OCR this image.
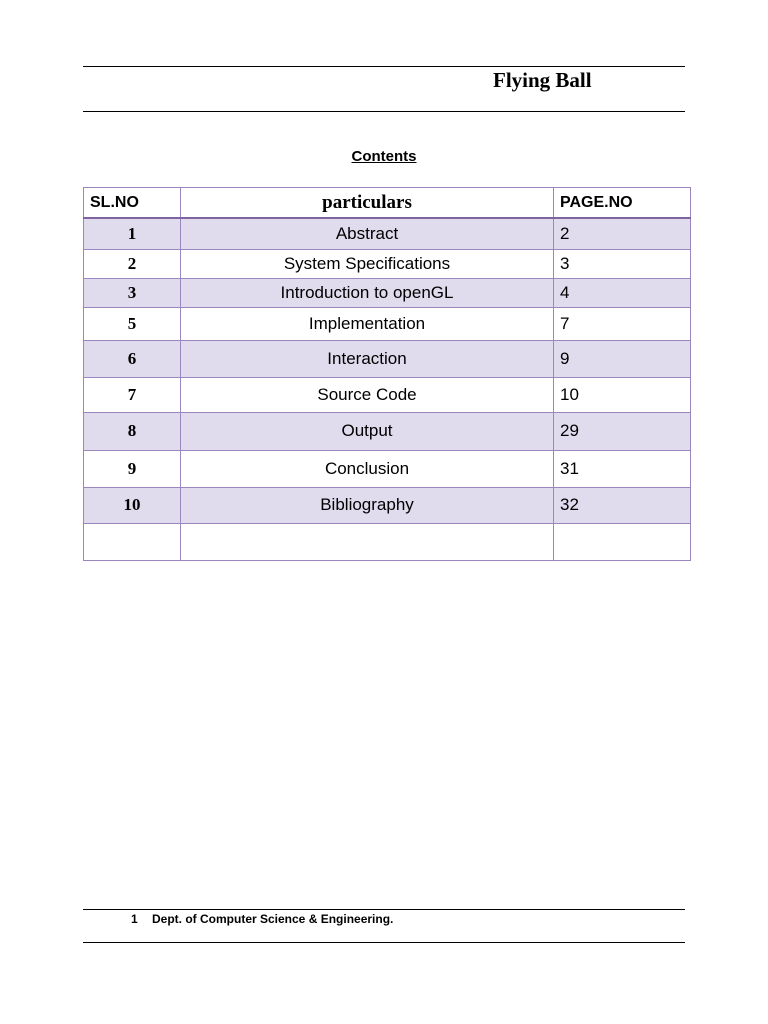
Flying Ball
Contents
SL.NO	particulars	PAGE.NO
1	Abstract	2
2	System Specifications	3
3	Introduction to openGL	4
5	Implementation	7
6	Interaction	9
7	Source Code	10
8	Output	29
9	Conclusion	31
10	Bibliography	32

1 Dept. of Computer Science & Engineering.
